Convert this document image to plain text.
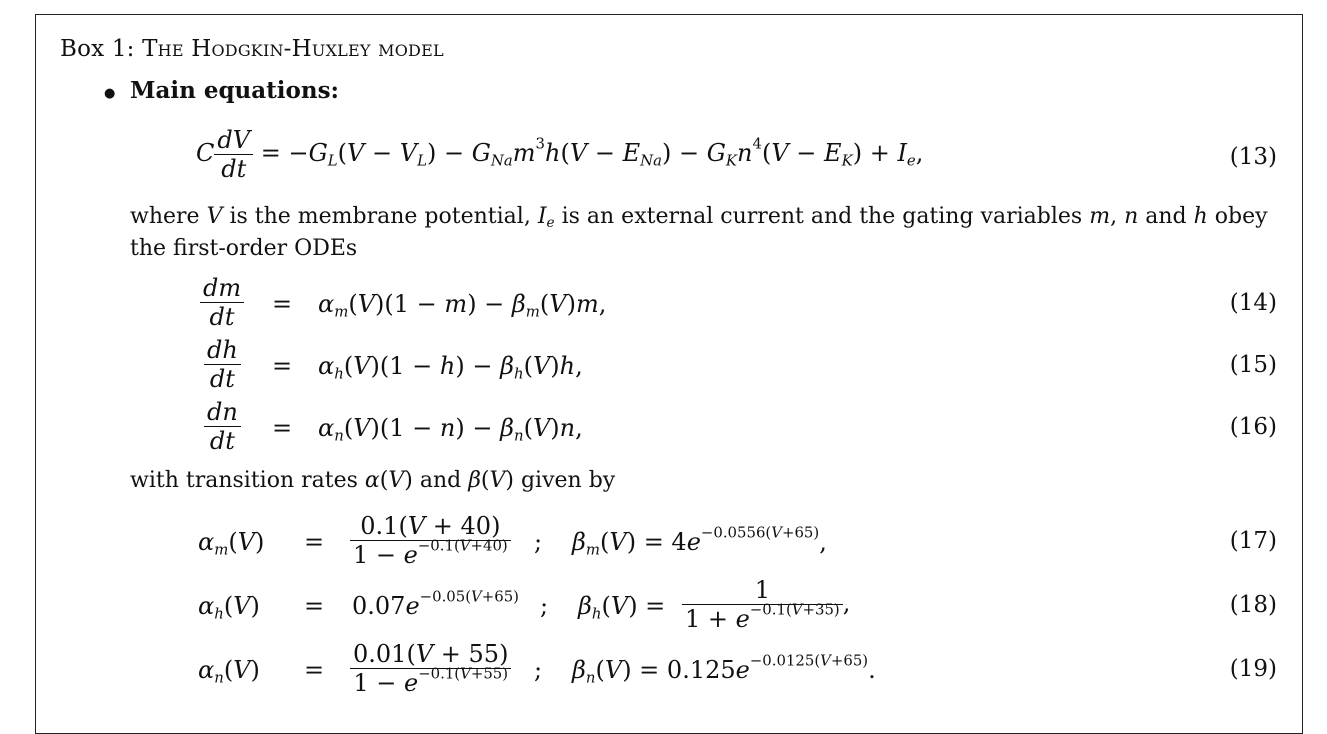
Box 1: The Hodgkin-Huxley model
● Main equations:
C $\frac{dV}{dt} = -G_L(V - V_L) - G_{Na}m^3h(V - E_{Na}) - G_Kn^4(V - E_K) + I_e$,	(13)
where V is the membrane potential, $I_e$ is an external current and the gating variables m, n and h obey
the first-order ODEs
$\frac{dm}{dt} = \alpha_m(V)(1 - m) - \beta_m(V)m$,	(14)
$\frac{dh}{dt} = \alpha_h(V)(1 - h) - \beta_h(V)h$,	(15)
$\frac{dn}{dt} = \alpha_n(V)(1 - n) - \beta_n(V)n$,	(16)
with transition rates α(V) and β(V) given by
$\alpha_m(V) = \frac{0.1(V + 40)}{1 - e^{-0.1(V+40)}}$ ; $\beta_m(V) = 4e^{-0.0556(V+65)}$,	(17)
$\alpha_h(V) = 0.07e^{-0.05(V+65)}$ ; $\beta_h(V) = \frac{1}{1 + e^{-0.1(V+35)}}$ ,	(18)
$\alpha_n(V) = \frac{0.01(V + 55)}{1 - e^{-0.1(V+55)}}$ ; $\beta_n(V) = 0.125e^{-0.0125(V+65)}$.	(19)
